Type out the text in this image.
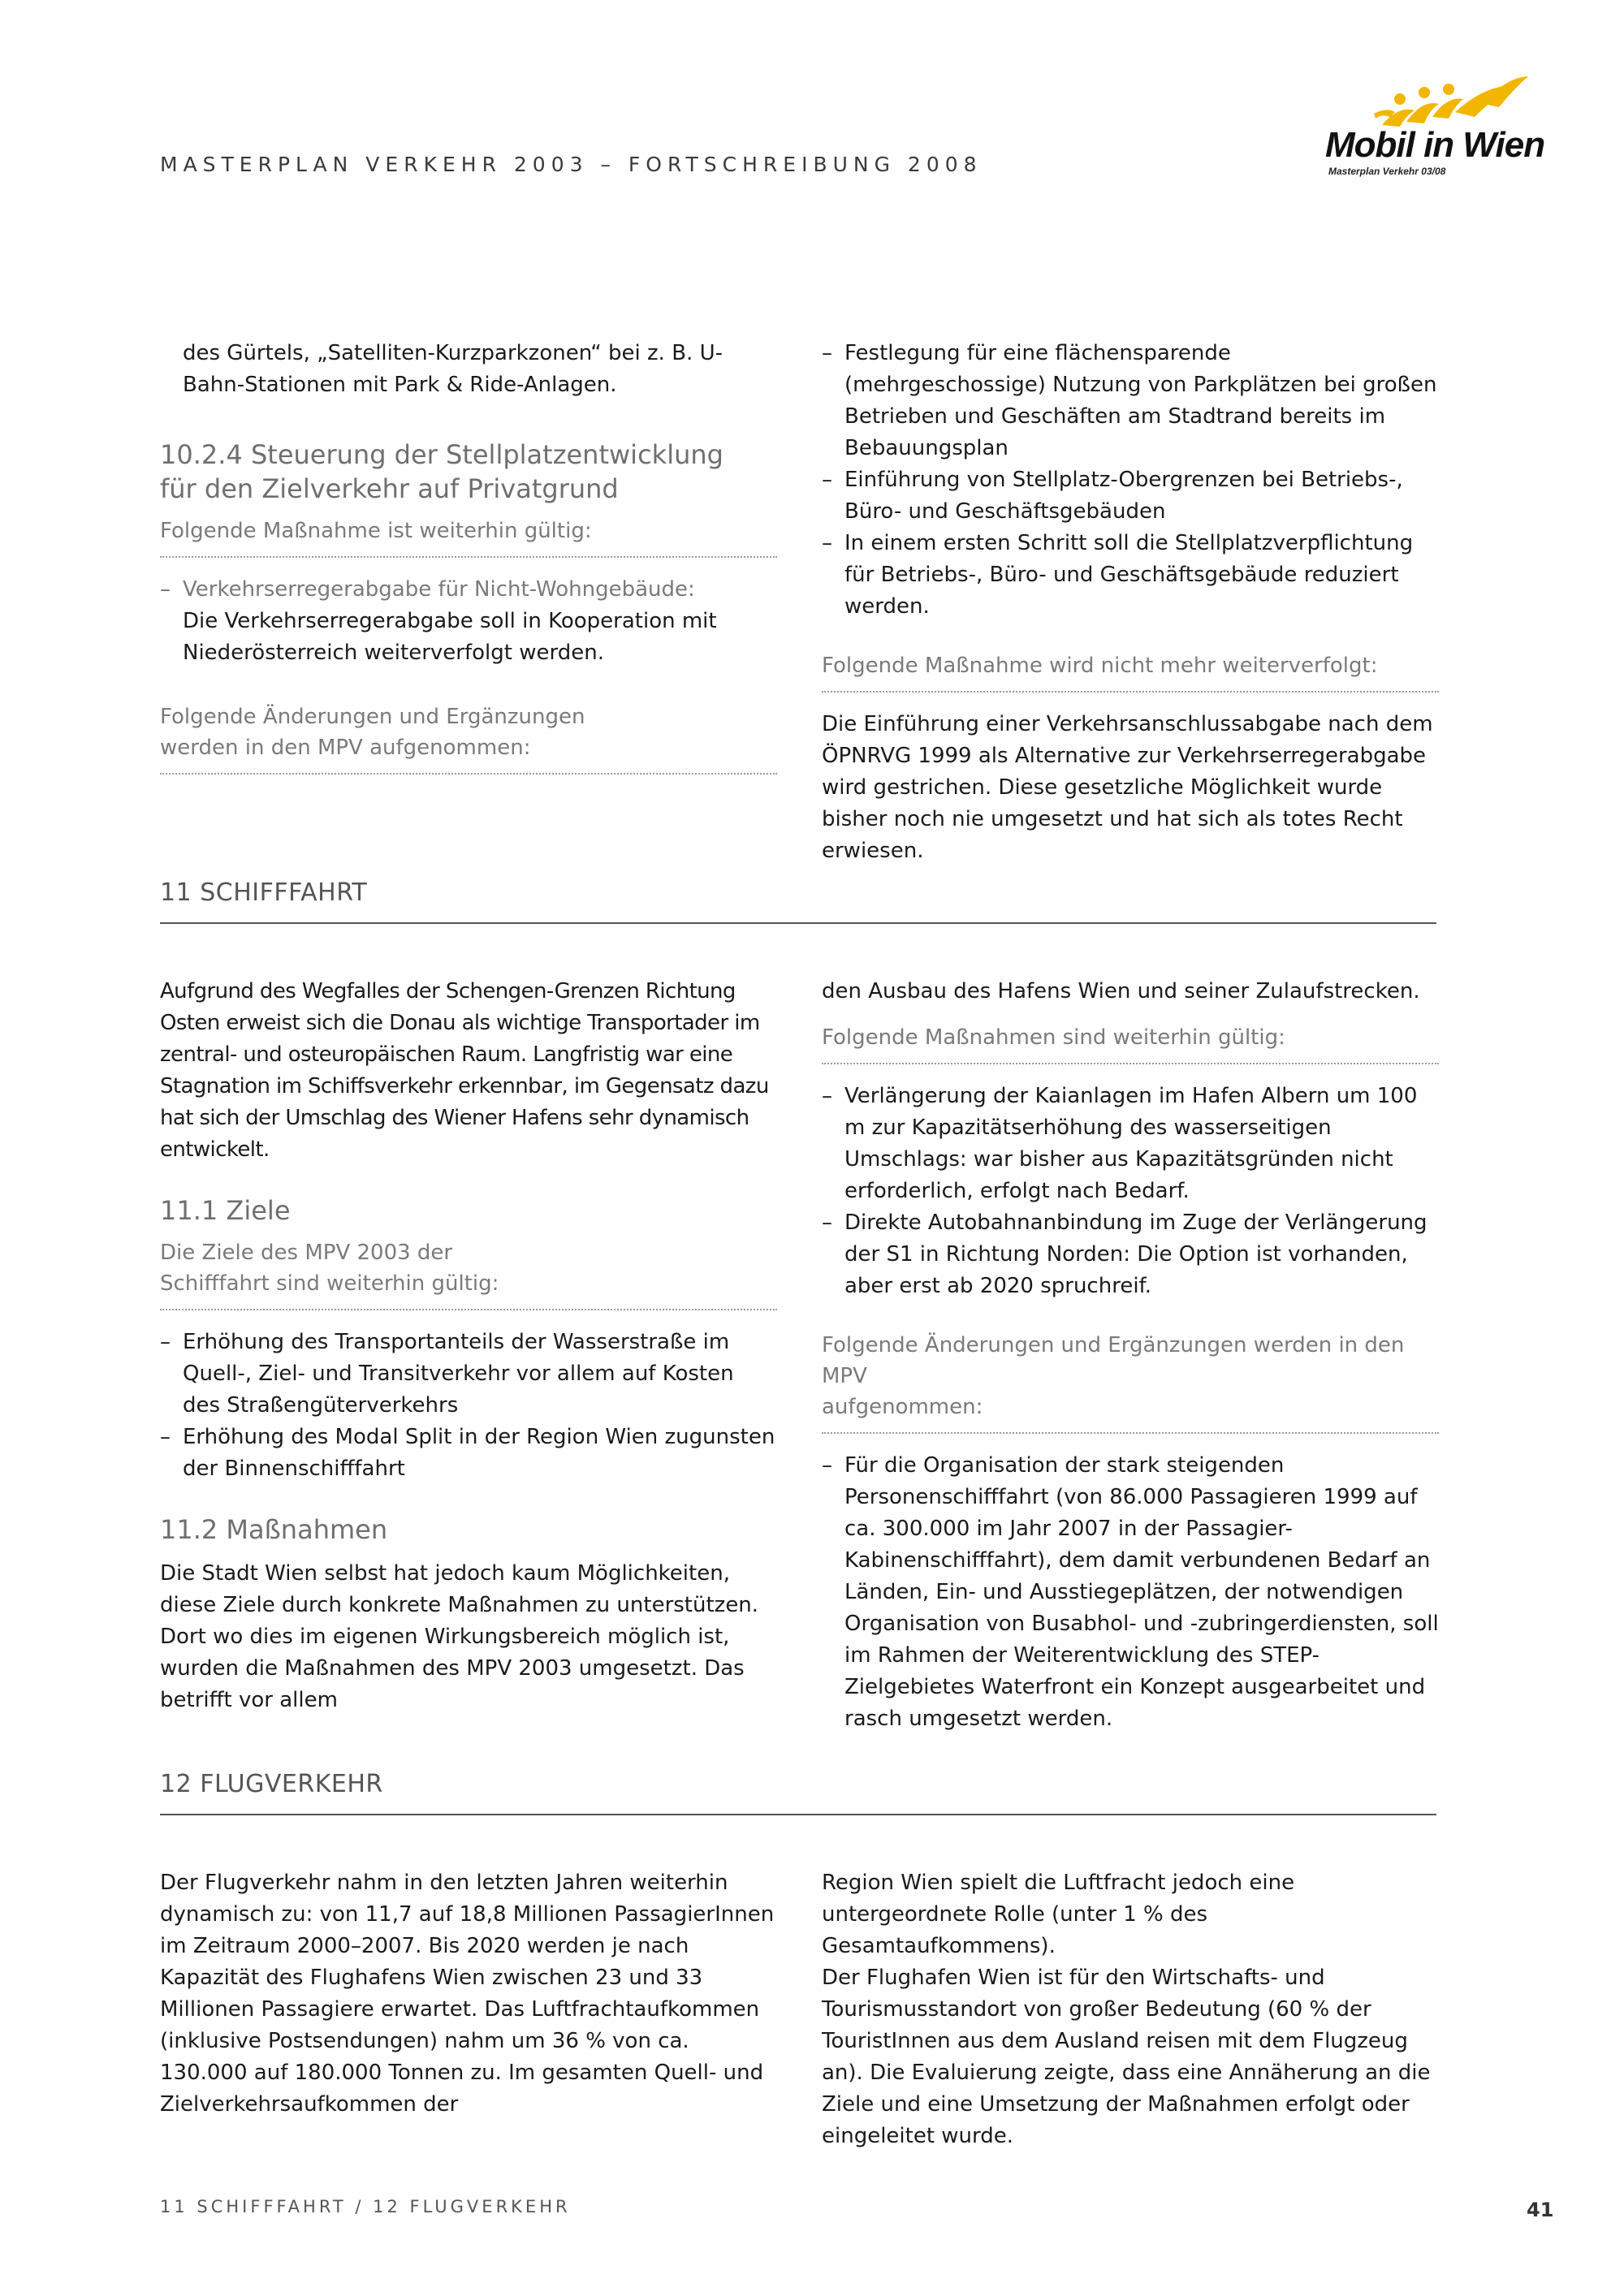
MASTERPLAN VERKEHR 2003 – FORTSCHREIBUNG 2008	Mobil in Wien
Masterplan Verkehr 03/08

des Gürtels, „Satelliten-Kurzparkzonen“ bei z. B. U-Bahn-Stationen mit Park & Ride-Anlagen.

10.2.4 Steuerung der Stellplatzentwicklung

für den Zielverkehr auf Privatgrund

Folgende Maßnahme ist weiterhin gültig:

– Verkehrserregerabgabe für Nicht-Wohngebäude:

Die Verkehrserregerabgabe soll in Kooperation mit Niederösterreich weiterverfolgt werden.

Folgende Änderungen und Ergänzungen

werden in den MPV aufgenommen:

– Festlegung für eine flächensparende (mehrgeschossige) Nutzung von Parkplätzen bei großen Betrieben und Geschäften am Stadtrand bereits im Bebauungsplan
– Einführung von Stellplatz-Obergrenzen bei Betriebs-, Büro- und Geschäftsgebäuden
– In einem ersten Schritt soll die Stellplatzverpflichtung für Betriebs-, Büro- und Geschäftsgebäude reduziert werden.

Folgende Maßnahme wird nicht mehr weiterverfolgt:

Die Einführung einer Verkehrsanschlussabgabe nach dem ÖPNRVG 1999 als Alternative zur Verkehrserregerabgabe wird gestrichen. Diese gesetzliche Möglichkeit wurde bisher noch nie umgesetzt und hat sich als totes Recht erwiesen.

11 SCHIFFFAHRT

Aufgrund des Wegfalles der Schengen-Grenzen Richtung Osten erweist sich die Donau als wichtige Transportader im zentral- und osteuropäischen Raum. Langfristig war eine Stagnation im Schiffsverkehr erkennbar, im Gegensatz dazu hat sich der Umschlag des Wiener Hafens sehr dynamisch entwickelt.

11.1 Ziele

Die Ziele des MPV 2003 der

Schifffahrt sind weiterhin gültig:

– Erhöhung des Transportanteils der Wasserstraße im Quell-, Ziel- und Transitverkehr vor allem auf Kosten des Straßengüterverkehrs
– Erhöhung des Modal Split in der Region Wien zugunsten der Binnenschifffahrt

11.2 Maßnahmen

Die Stadt Wien selbst hat jedoch kaum Möglichkeiten, diese Ziele durch konkrete Maßnahmen zu unterstützen. Dort wo dies im eigenen Wirkungsbereich möglich ist, wurden die Maßnahmen des MPV 2003 umgesetzt. Das betrifft vor allem

den Ausbau des Hafens Wien und seiner Zulaufstrecken.

Folgende Maßnahmen sind weiterhin gültig:

– Verlängerung der Kaianlagen im Hafen Albern um 100 m zur Kapazitätserhöhung des wasserseitigen Umschlags: war bisher aus Kapazitätsgründen nicht erforderlich, erfolgt nach Bedarf.
– Direkte Autobahnanbindung im Zuge der Verlängerung der S1 in Richtung Norden: Die Option ist vorhanden, aber erst ab 2020 spruchreif.

Folgende Änderungen und Ergänzungen werden in den MPV

aufgenommen:

– Für die Organisation der stark steigenden Personenschifffahrt (von 86.000 Passagieren 1999 auf ca. 300.000 im Jahr 2007 in der Passagier-Kabinenschifffahrt), dem damit verbundenen Bedarf an Länden, Ein- und Ausstiegeplätzen, der notwendigen Organisation von Busabhol- und -zubringerdiensten, soll im Rahmen der Weiterentwicklung des STEP-Zielgebietes Waterfront ein Konzept ausgearbeitet und rasch umgesetzt werden.
12 FLUGVERKEHR

Der Flugverkehr nahm in den letzten Jahren weiterhin dynamisch zu: von 11,7 auf 18,8 Millionen PassagierInnen im Zeitraum 2000–2007. Bis 2020 werden je nach Kapazität des Flughafens Wien zwischen 23 und 33 Millionen Passagiere erwartet. Das Luftfrachtaufkommen (inklusive Postsendungen) nahm um 36 % von ca. 130.000 auf 180.000 Tonnen zu. Im gesamten Quell- und Zielverkehrsaufkommen der

Region Wien spielt die Luftfracht jedoch eine untergeordnete Rolle (unter 1 % des Gesamtaufkommens).

Der Flughafen Wien ist für den Wirtschafts- und Tourismusstandort von großer Bedeutung (60 % der TouristInnen aus dem Ausland reisen mit dem Flugzeug an). Die Evaluierung zeigte, dass eine Annäherung an die Ziele und eine Umsetzung der Maßnahmen erfolgt oder eingeleitet wurde.

11 SCHIFFFAHRT / 12 FLUGVERKEHR	41
